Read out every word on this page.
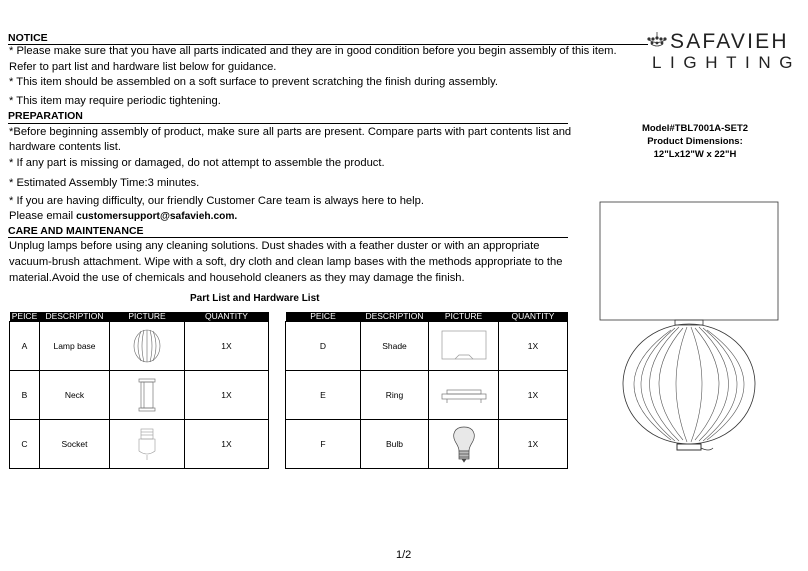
SAFAVIEH
LIGHTING
NOTICE
* Please make sure that you have all parts indicated and they are in good condition before you begin assembly of this item.
Refer to part list and hardware list below for guidance.
* This item should be assembled on a soft surface to prevent scratching the finish during assembly.
* This item may require periodic tightening.
PREPARATION
*Before beginning assembly of product, make sure all parts are present. Compare parts with part contents list and
hardware contents list.
* If any part is missing or damaged, do not attempt to assemble the product.
* Estimated Assembly Time:3 minutes.
* If you are having difficulty, our friendly Customer Care team is always here to help.
Please email customersupport@safavieh.com.
CARE AND MAINTENANCE
Unplug lamps before using any cleaning solutions. Dust shades with a feather duster or with an appropriate
vacuum-brush attachment. Wipe with a soft, dry cloth and clean lamp bases with the methods appropriate to the
material.Avoid the use of chemicals and household cleaners as they may damage the finish.
Model#TBL7001A-SET2
Product Dimensions:
12"Lx12"W x 22"H
Part List and Hardware List
PEICE	DESCRIPTION	PICTURE	QUANTITY
A	Lamp base		1X
B	Neck		1X
C	Socket		1X
PEICE	DESCRIPTION	PICTURE	QUANTITY
D	Shade		1X
E	Ring		1X
F	Bulb		1X
1/2
